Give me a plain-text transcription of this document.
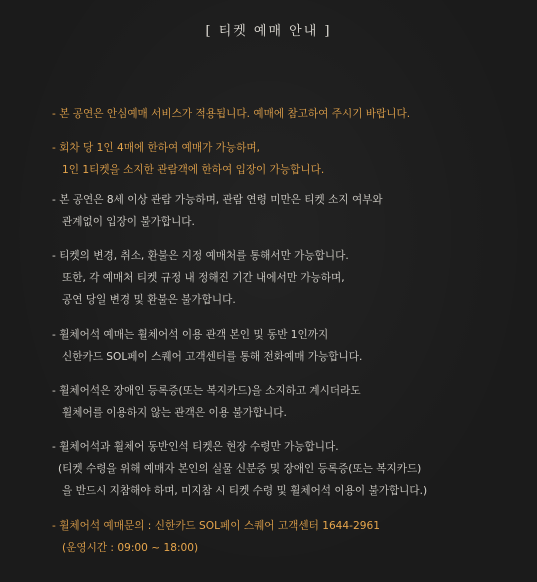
[ 티켓 예매 안내 ]
- 본 공연은 안심예매 서비스가 적용됩니다. 예매에 참고하여 주시기 바랍니다.
- 회차 당 1인 4매에 한하여 예매가 가능하며,
1인 1티켓을 소지한 관람객에 한하여 입장이 가능합니다.
- 본 공연은 8세 이상 관람 가능하며, 관람 연령 미만은 티켓 소지 여부와
관계없이 입장이 불가합니다.
- 티켓의 변경, 취소, 환불은 지정 예매처를 통해서만 가능합니다.
또한, 각 예매처 티켓 규정 내 정해진 기간 내에서만 가능하며,
공연 당일 변경 및 환불은 불가합니다.
- 휠체어석 예매는 휠체어석 이용 관객 본인 및 동반 1인까지
신한카드 SOL페이 스퀘어 고객센터를 통해 전화예매 가능합니다.
- 휠체어석은 장애인 등록증(또는 복지카드)을 소지하고 계시더라도
휠체어를 이용하지 않는 관객은 이용 불가합니다.
- 휠체어석과 휠체어 동반인석 티켓은 현장 수령만 가능합니다.
(티켓 수령을 위해 예매자 본인의 실물 신분증 및 장애인 등록증(또는 복지카드)
을 반드시 지참해야 하며, 미지참 시 티켓 수령 및 휠체어석 이용이 불가합니다.)
- 휠체어석 예매문의 : 신한카드 SOL페이 스퀘어 고객센터 1644-2961
(운영시간 : 09:00 ~ 18:00)
